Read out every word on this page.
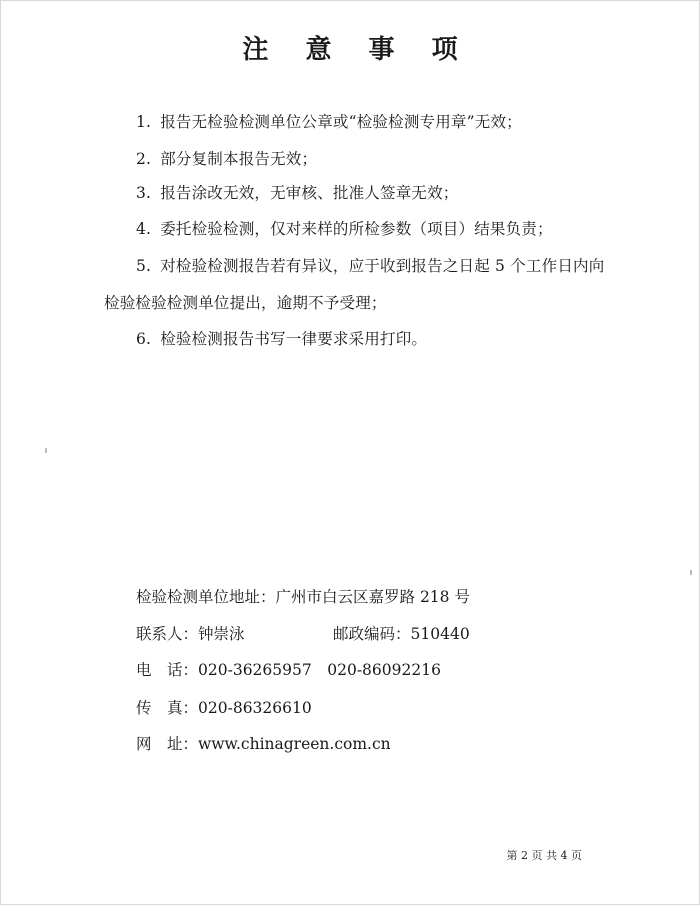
注 意 事 项
1. 报告无检验检测单位公章或“检验检测专用章”无效；
2. 部分复制本报告无效；
3. 报告涂改无效，无审核、批准人签章无效；
4. 委托检验检测，仅对来样的所检参数（项目）结果负责；
5. 对检验检测报告若有异议，应于收到报告之日起 5 个工作日内向
检验检验检测单位提出，逾期不予受理；
6. 检验检测报告书写一律要求采用打印。
检验检测单位地址：广州市白云区嘉罗路 218 号
联系人：钟崇泳	邮政编码：510440
电　话：020-36265957　020-86092216
传　真：020-86326610
网　址：www.chinagreen.com.cn
第 2 页 共 4 页
